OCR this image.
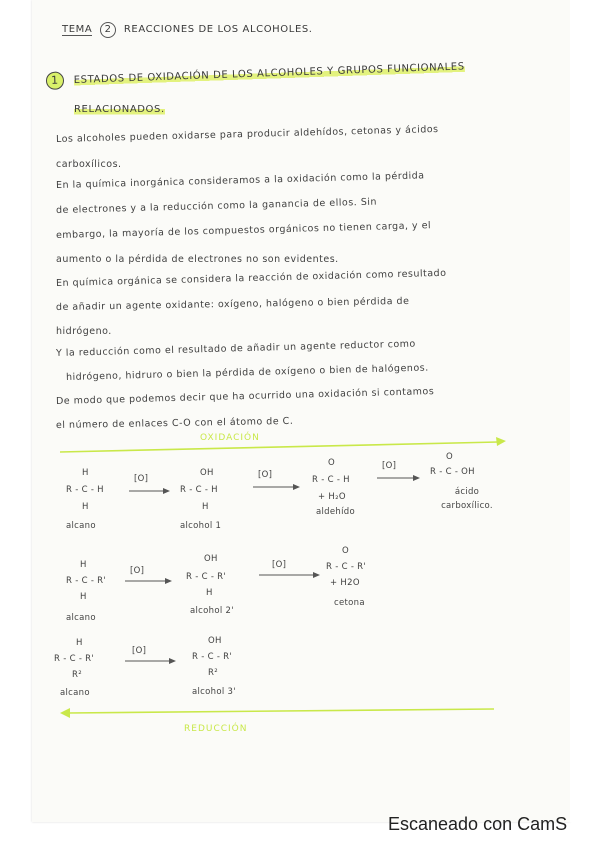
TEMA 2 REACCIONES DE LOS ALCOHOLES.
1 ESTADOS DE OXIDACIÓN DE LOS ALCOHOLES Y GRUPOS FUNCIONALES
RELACIONADOS.
Los alcoholes pueden oxidarse para producir aldehídos, cetonas y ácidos
carboxílicos.
En la química inorgánica consideramos a la oxidación como la pérdida
de electrones y a la reducción como la ganancia de ellos. Sin
embargo, la mayoría de los compuestos orgánicos no tienen carga, y el
aumento o la pérdida de electrones no son evidentes.
En química orgánica se considera la reacción de oxidación como resultado
de añadir un agente oxidante: oxígeno, halógeno o bien pérdida de
hidrógeno.
Y la reducción como el resultado de añadir un agente reductor como
hidrógeno, hidruro o bien la pérdida de oxígeno o bien de halógenos.
De modo que podemos decir que ha ocurrido una oxidación si contamos
el número de enlaces C-O con el átomo de C.
OXIDACIÓN
H
R - C - H
H
alcano
[O]
OH
R - C - H
H
alcohol 1
[O]
O
R - C - H
+ H₂O
aldehído
[O]
O
R - C - OH
ácido carboxílico.
H
R - C - R'
H
alcano
[O]
OH
R - C - R'
H
alcohol 2'
[O]
O
R - C - R'
+ H2O
cetona
H
R - C - R'
R²
alcano
[O]
OH
R - C - R'
R²
alcohol 3'
REDUCCIÓN
Escaneado con CamS
